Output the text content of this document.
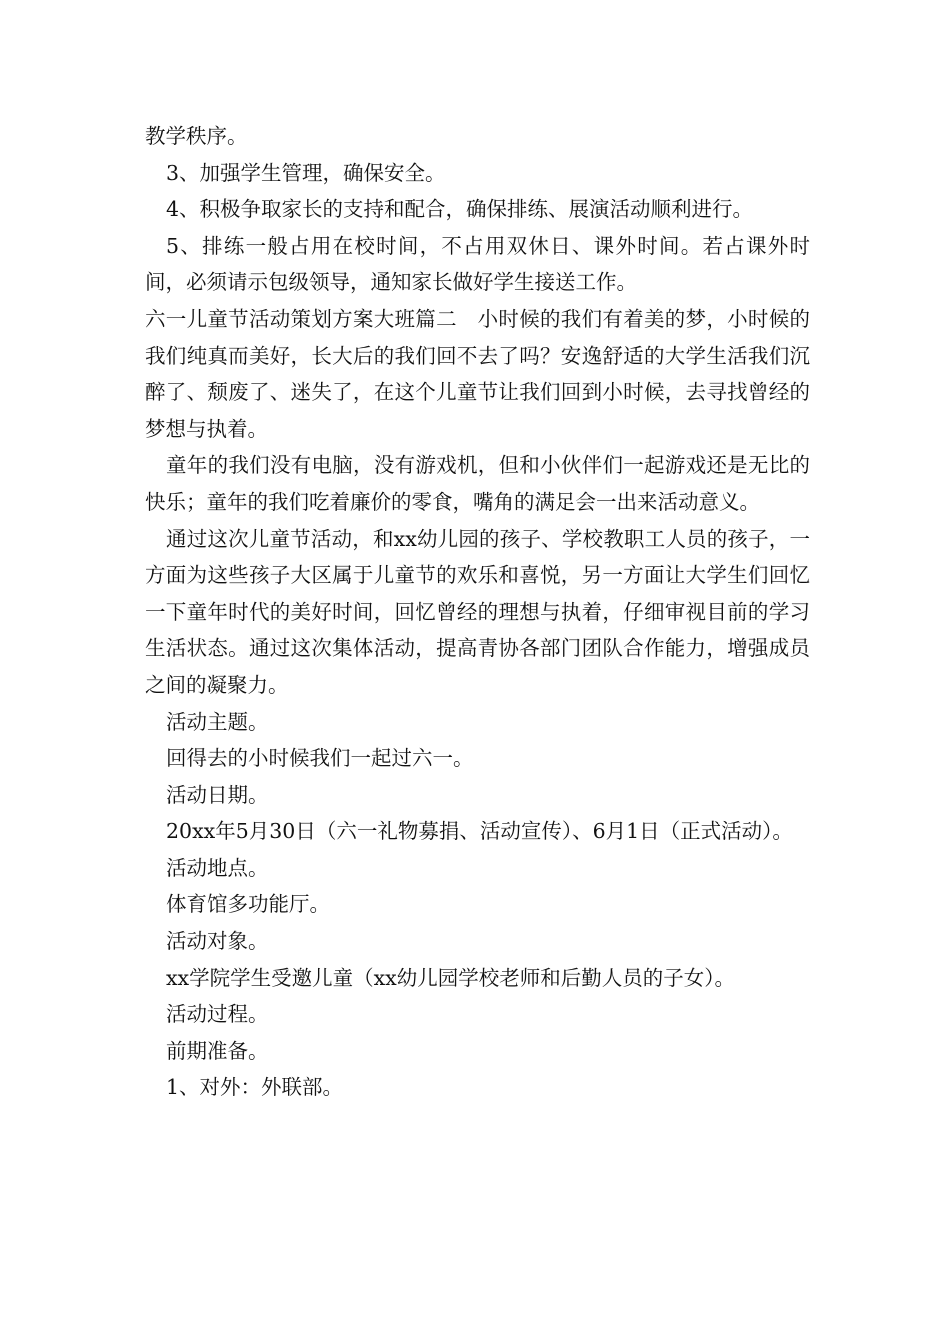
教学秩序。

3、加强学生管理，确保安全。

4、积极争取家长的支持和配合，确保排练、展演活动顺利进行。

5、排练一般占用在校时间，不占用双休日、课外时间。若占课外时间，必须请示包级领导，通知家长做好学生接送工作。

六一儿童节活动策划方案大班篇二　小时候的我们有着美的梦，小时候的我们纯真而美好，长大后的我们回不去了吗？安逸舒适的大学生活我们沉醉了、颓废了、迷失了，在这个儿童节让我们回到小时候，去寻找曾经的梦想与执着。

童年的我们没有电脑，没有游戏机，但和小伙伴们一起游戏还是无比的快乐；童年的我们吃着廉价的零食，嘴角的满足会一出来活动意义。

通过这次儿童节活动，和xx幼儿园的孩子、学校教职工人员的孩子，一方面为这些孩子大区属于儿童节的欢乐和喜悦，另一方面让大学生们回忆一下童年时代的美好时间，回忆曾经的理想与执着，仔细审视目前的学习生活状态。通过这次集体活动，提高青协各部门团队合作能力，增强成员之间的凝聚力。

活动主题。

回得去的小时候我们一起过六一。

活动日期。

20xx年5月30日（六一礼物募捐、活动宣传）、6月1日（正式活动）。

活动地点。

体育馆多功能厅。

活动对象。

xx学院学生受邀儿童（xx幼儿园学校老师和后勤人员的子女）。

活动过程。

前期准备。

1、对外：外联部。
